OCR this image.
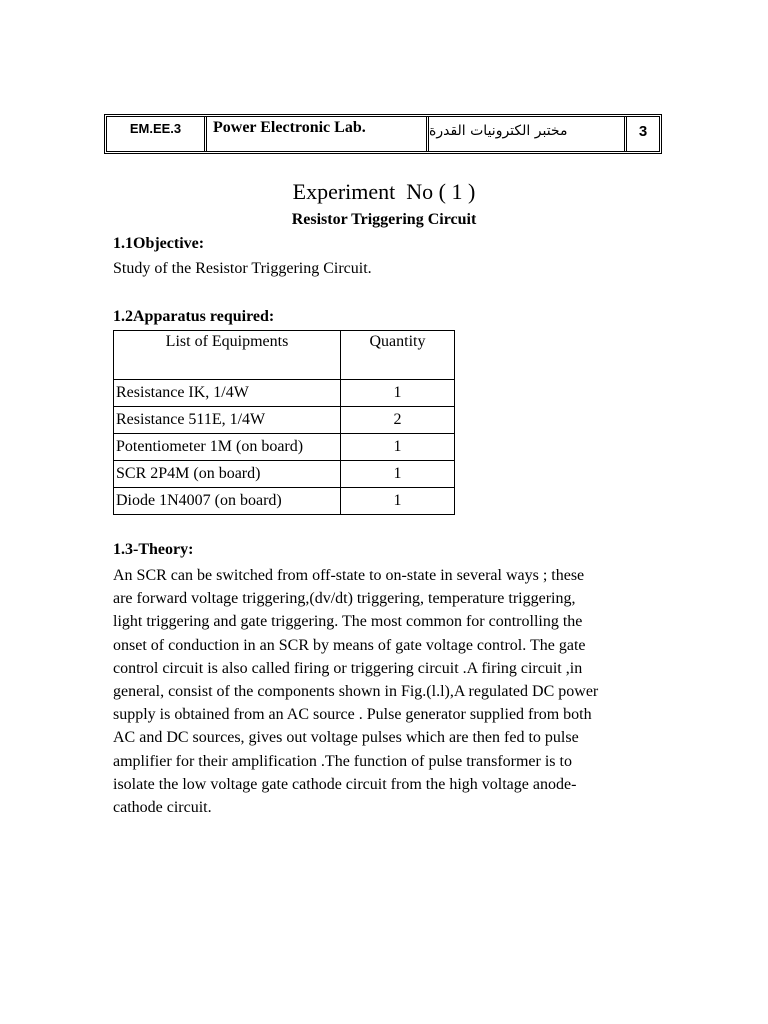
EM.EE.3	Power Electronic Lab.	مختبر الكترونيات القدرة	3
Experiment  No ( 1 )
Resistor Triggering Circuit
1.1Objective:
Study of the Resistor Triggering Circuit.
1.2Apparatus required:
List of Equipments	Quantity
Resistance IK, 1/4W	1
Resistance 511E, 1/4W	2
Potentiometer 1M (on board)	1
SCR 2P4M (on board)	1
Diode 1N4007 (on board)	1
1.3-Theory:

An SCR can be switched from off-state to on-state in several ways ; these
are forward voltage triggering,(dv/dt) triggering, temperature triggering,
light triggering and gate triggering. The most common for controlling the
onset of conduction in an SCR by means of gate voltage control. The gate
control circuit is also called firing or triggering circuit .A firing circuit ,in
general, consist of the components shown in Fig.(l.l),A regulated DC power
supply is obtained from an AC source . Pulse generator supplied from both
AC and DC sources, gives out voltage pulses which are then fed to pulse
amplifier for their amplification .The function of pulse transformer is to
isolate the low voltage gate cathode circuit from the high voltage anode-
cathode circuit.
